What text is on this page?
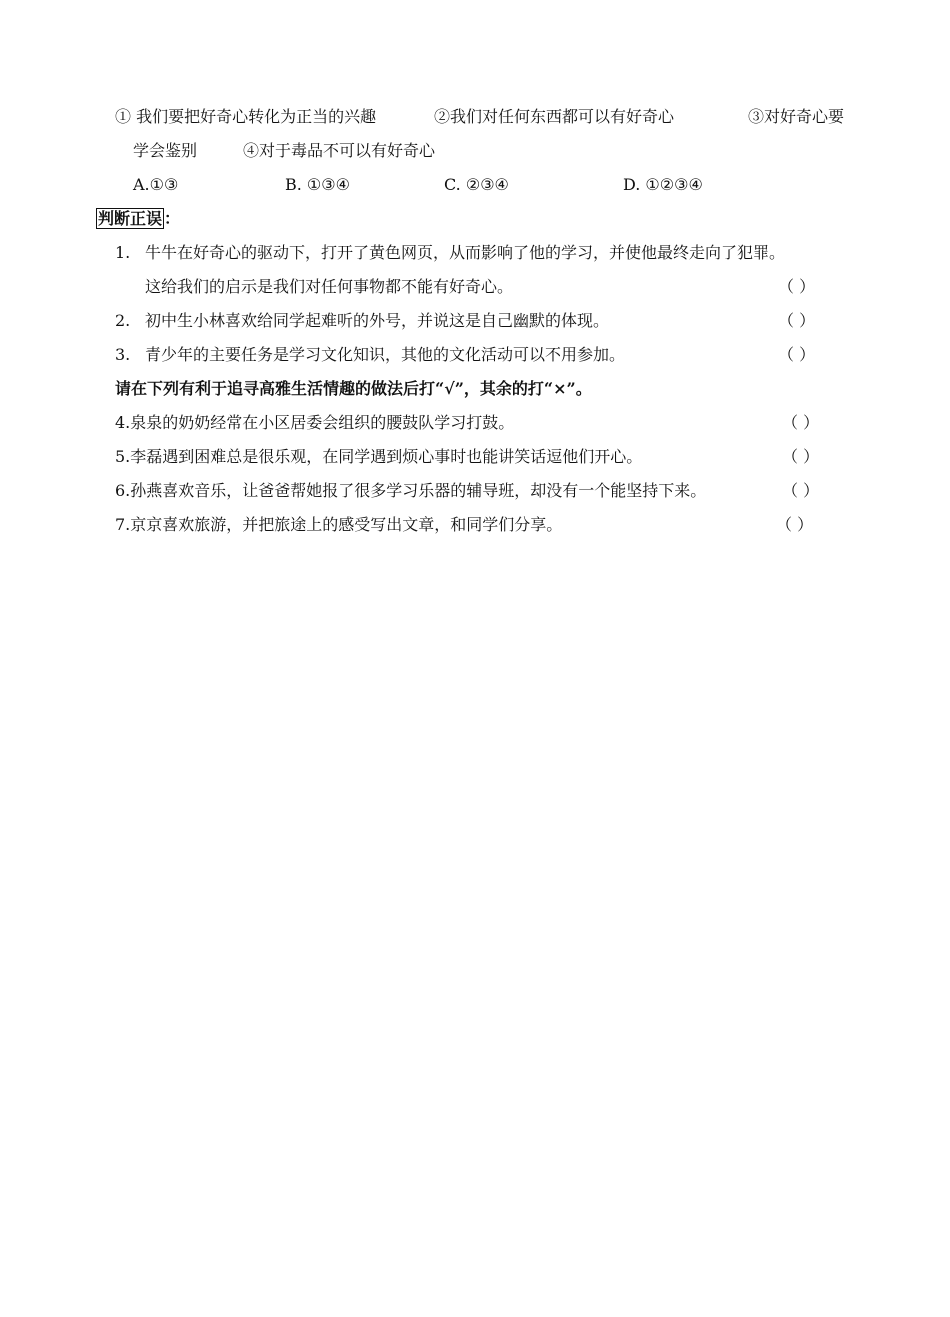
① 我们要把好奇心转化为正当的兴趣	②我们对任何东西都可以有好奇心	③对好奇心要
学会鉴别	④对于毒品不可以有好奇心
A.①③	B. ①③④	C. ②③④	D. ①②③④
判断正误 ：
1. 牛牛在好奇心的驱动下，打开了黄色网页，从而影响了他的学习，并使他最终走向了犯罪。
这给我们的启示是我们对任何事物都不能有好奇心。	（ ）
2. 初中生小林喜欢给同学起难听的外号，并说这是自己幽默的体现。	（ ）
3. 青少年的主要任务是学习文化知识，其他的文化活动可以不用参加。	（ ）
请在下列有利于追寻高雅生活情趣的做法后打“√”，其余的打“×”。
4.泉泉的奶奶经常在小区居委会组织的腰鼓队学习打鼓。	（ ）
5.李磊遇到困难总是很乐观，在同学遇到烦心事时也能讲笑话逗他们开心。	（ ）
6.孙燕喜欢音乐，让爸爸帮她报了很多学习乐器的辅导班，却没有一个能坚持下来。	（ ）
7.京京喜欢旅游，并把旅途上的感受写出文章，和同学们分享。	（ ）
